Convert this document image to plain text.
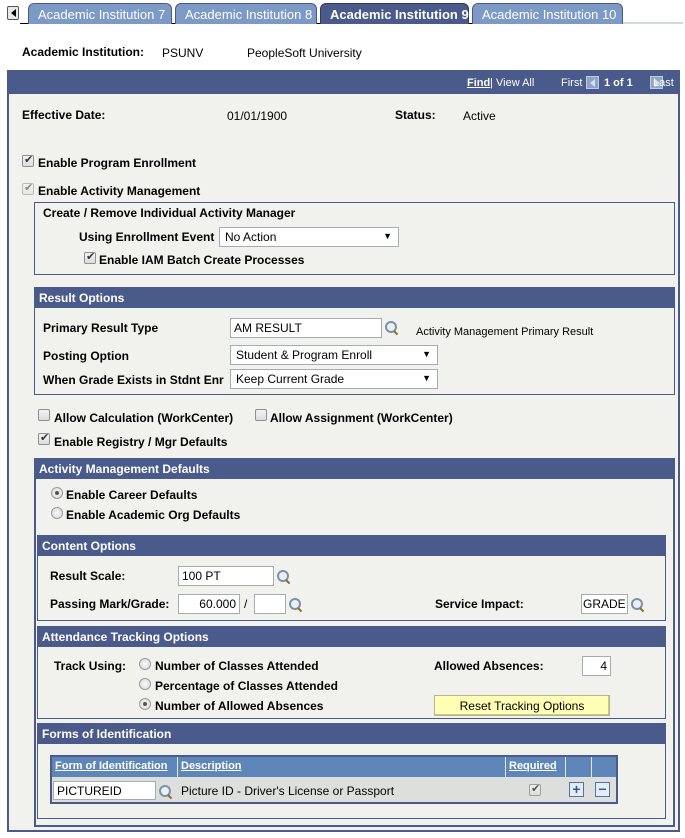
Academic Institution 7	Academic Institution 8	Academic Institution 9	Academic Institution 10
Academic Institution: PSUNV	PeopleSoft University
Find | View All First
1 of 1 Last
Effective Date:	01/01/1900	Status: Active
✔
Enable Program Enrollment
✔
Enable Activity Management
Create / Remove Individual Activity Manager
Using Enrollment Event No Action ▼
✔
Enable IAM Batch Create Processes
Result Options
Primary Result Type	AM RESULT	Activity Management Primary Result
Posting Option	Student & Program Enroll ▼
When Grade Exists in Stdnt Enr	Keep Current Grade ▼
Allow Calculation (WorkCenter)	Allow Assignment (WorkCenter)
✔
Enable Registry / Mgr Defaults
Activity Management Defaults
Enable Career Defaults
Enable Academic Org Defaults
Content Options
Result Scale:	100 PT
Passing Mark/Grade:	60.000 /	Service Impact:	GRADE
Attendance Tracking Options
Track Using: Number of Classes Attended
Percentage of Classes Attended
Number of Allowed Absences
Allowed Absences:	4
Reset Tracking Options
Forms of Identification
Form of Identification	Description	Required
PICTUREID	Picture ID - Driver's License or Passport ✔	+ −
